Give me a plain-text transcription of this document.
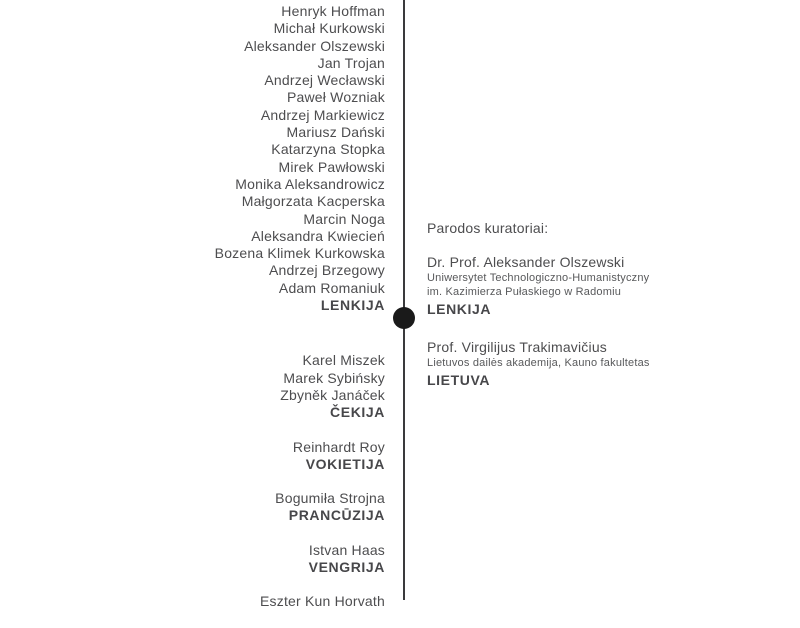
Henryk Hoffman
Michał Kurkowski
Aleksander Olszewski
Jan Trojan
Andrzej Wecławski
Paweł Wozniak
Andrzej Markiewicz
Mariusz Dański
Katarzyna Stopka
Mirek Pawłowski
Monika Aleksandrowicz
Małgorzata Kacperska
Marcin Noga
Aleksandra Kwiecień
Bozena Klimek Kurkowska
Andrzej Brzegowy
Adam Romaniuk
LENKIJA
Karel Miszek
Marek Sybińsky
Zbyněk Janáček
ČEKIJA
Reinhardt Roy
VOKIETIJA
Bogumiła Strojna
PRANCŪZIJA
Istvan Haas
VENGRIJA
Eszter Kun Horvath
Parodos kuratoriai:
Dr. Prof. Aleksander Olszewski
Uniwersytet Technologiczno-Humanistyczny
im. Kazimierza Pułaskiego w Radomiu
LENKIJA
Prof. Virgilijus Trakimavičius
Lietuvos dailės akademija, Kauno fakultetas
LIETUVA
